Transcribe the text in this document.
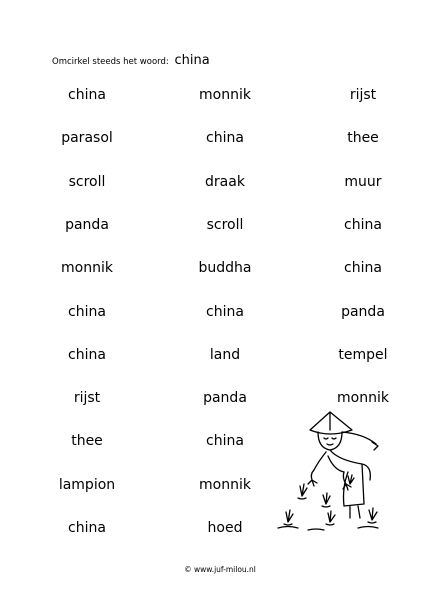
Omcirkel steeds het woord: china
china	monnik	rijst
parasol	china	thee
scroll	draak	muur
panda	scroll	china
monnik	buddha	china
china	china	panda
china	land	tempel
rijst	panda	monnik
thee	china
lampion	monnik
china	hoed
© www.juf-milou.nl
